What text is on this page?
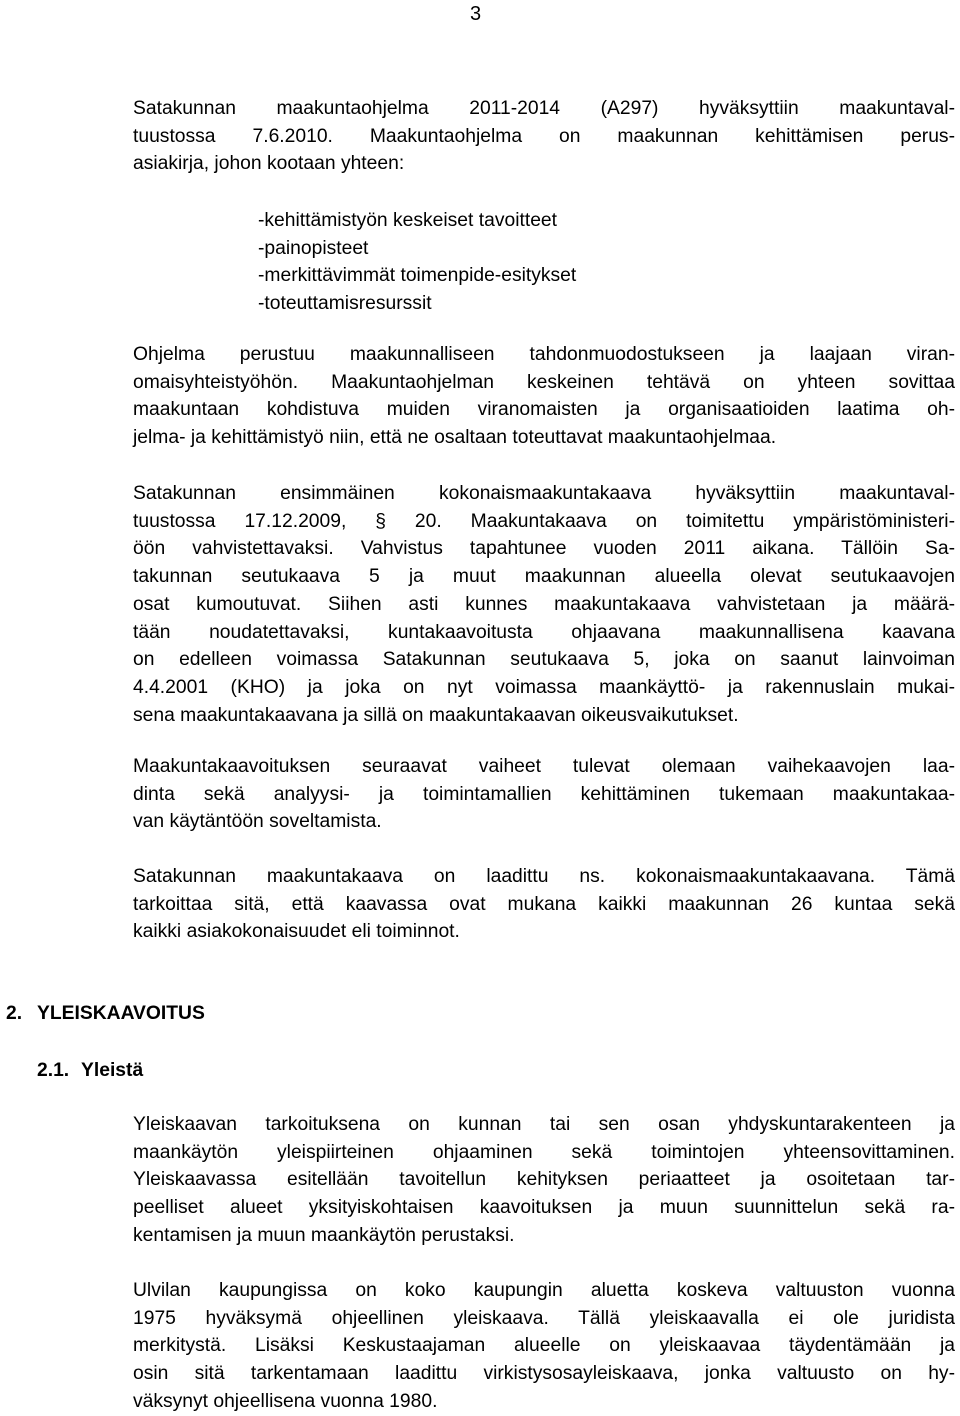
3
Satakunnan maakuntaohjelma 2011-2014 (A297) hyväksyttiin maakuntaval-
tuustossa 7.6.2010. Maakuntaohjelma on maakunnan kehittämisen perus-
asiakirja, johon kootaan yhteen:
-kehittämistyön keskeiset tavoitteet
-painopisteet
-merkittävimmät toimenpide-esitykset
-toteuttamisresurssit
Ohjelma perustuu maakunnalliseen tahdonmuodostukseen ja laajaan viran-
omaisyhteistyöhön. Maakuntaohjelman keskeinen tehtävä on yhteen sovittaa
maakuntaan kohdistuva muiden viranomaisten ja organisaatioiden laatima oh-
jelma- ja kehittämistyö niin, että ne osaltaan toteuttavat maakuntaohjelmaa.
Satakunnan ensimmäinen kokonaismaakuntakaava hyväksyttiin maakuntaval-
tuustossa 17.12.2009, § 20. Maakuntakaava on toimitettu ympäristöministeri-
öön vahvistettavaksi. Vahvistus tapahtunee vuoden 2011 aikana. Tällöin Sa-
takunnan seutukaava 5 ja muut maakunnan alueella olevat seutukaavojen
osat kumoutuvat. Siihen asti kunnes maakuntakaava vahvistetaan ja määrä-
tään noudatettavaksi, kuntakaavoitusta ohjaavana maakunnallisena kaavana
on edelleen voimassa Satakunnan seutukaava 5, joka on saanut lainvoiman
4.4.2001 (KHO) ja joka on nyt voimassa maankäyttö- ja rakennuslain mukai-
sena maakuntakaavana ja sillä on maakuntakaavan oikeusvaikutukset.
Maakuntakaavoituksen seuraavat vaiheet tulevat olemaan vaihekaavojen laa-
dinta sekä analyysi- ja toimintamallien kehittäminen tukemaan maakuntakaa-
van käytäntöön soveltamista.
Satakunnan maakuntakaava on laadittu ns. kokonaismaakuntakaavana. Tämä
tarkoittaa sitä, että kaavassa ovat mukana kaikki maakunnan 26 kuntaa sekä
kaikki asiakokonaisuudet eli toiminnot.
2. YLEISKAAVOITUS
2.1. Yleistä
Yleiskaavan tarkoituksena on kunnan tai sen osan yhdyskuntarakenteen ja
maankäytön yleispiirteinen ohjaaminen sekä toimintojen yhteensovittaminen.
Yleiskaavassa esitellään tavoitellun kehityksen periaatteet ja osoitetaan tar-
peelliset alueet yksityiskohtaisen kaavoituksen ja muun suunnittelun sekä ra-
kentamisen ja muun maankäytön perustaksi.
Ulvilan kaupungissa on koko kaupungin aluetta koskeva valtuuston vuonna
1975 hyväksymä ohjeellinen yleiskaava. Tällä yleiskaavalla ei ole juridista
merkitystä. Lisäksi Keskustaajaman alueelle on yleiskaavaa täydentämään ja
osin sitä tarkentamaan laadittu virkistysosayleiskaava, jonka valtuusto on hy-
väksynyt ohjeellisena vuonna 1980.
